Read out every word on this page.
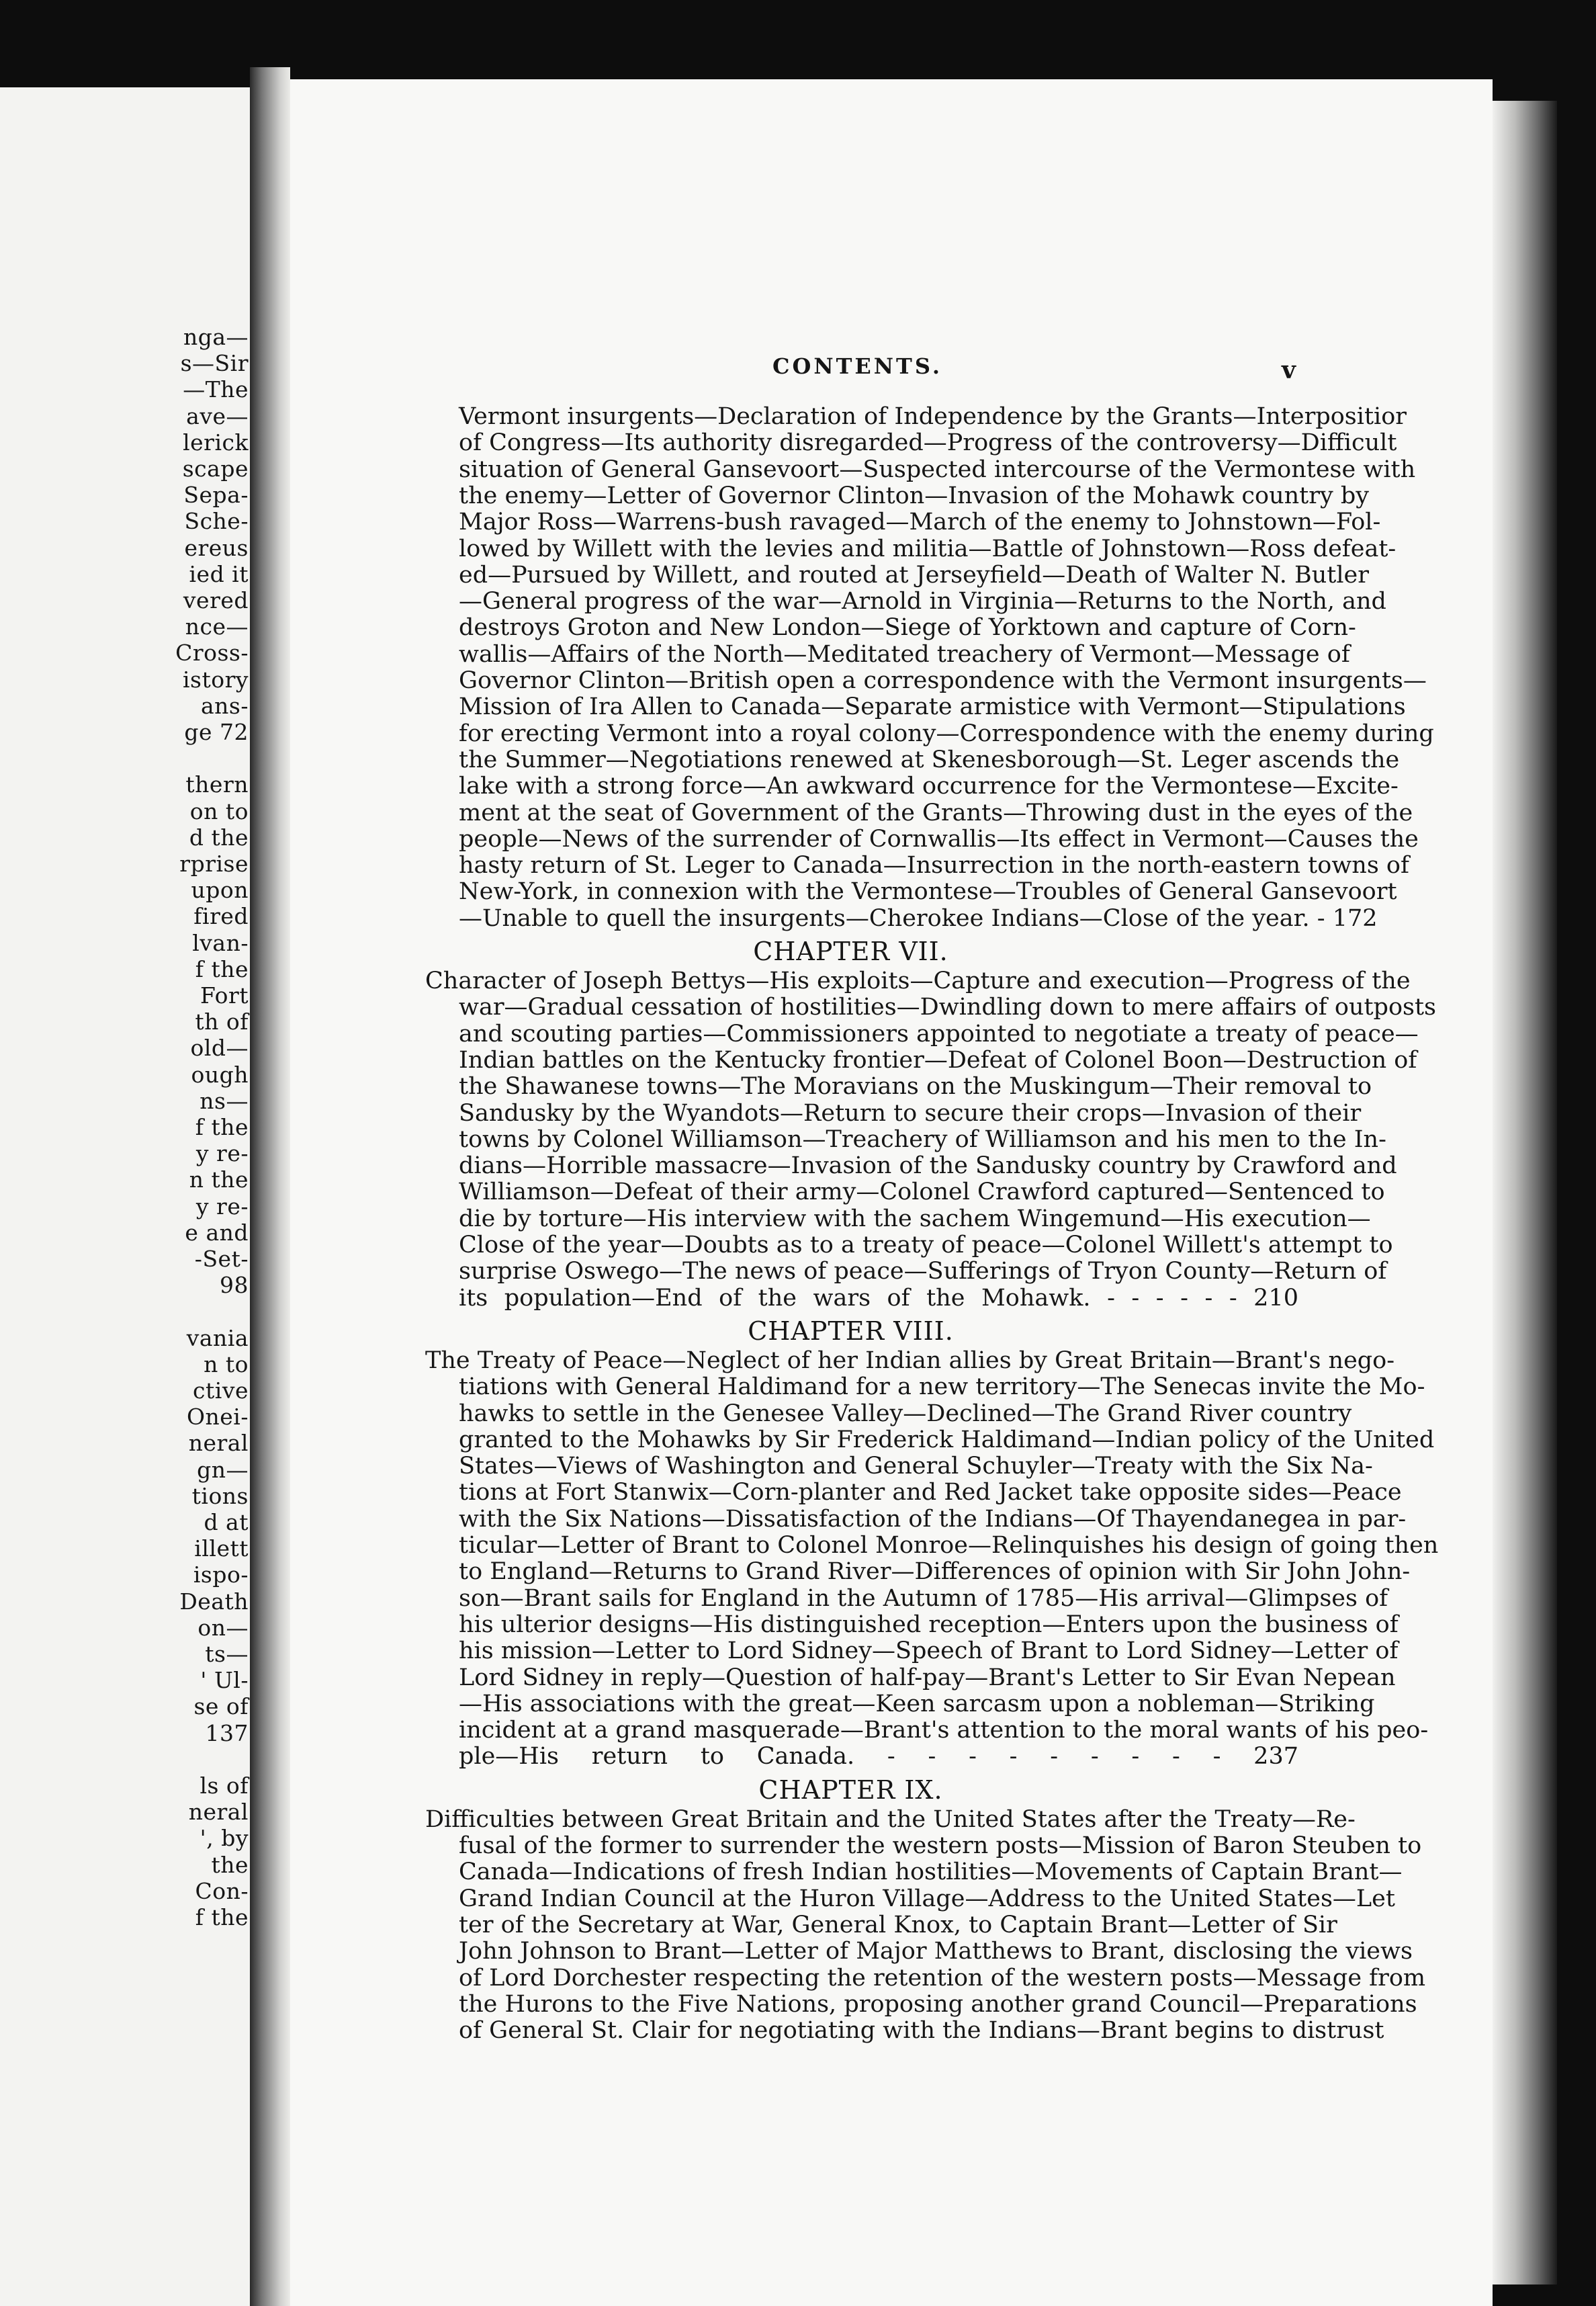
nga—
s—Sir
—The
ave—
lerick
scape
Sepa-
Sche-
ereus
ied it
vered
nce—
Cross-
istory
ans-
ge 72
thern
on to
d the
rprise
upon
fired
lvan-
f the
Fort
th of
old—
ough
ns—
f the
y re-
n the
y re-
e and
-Set-
98
vania
n to
ctive
Onei-
neral
gn—
tions
d at
illett
ispo-
Death
on—
ts—
' Ul-
se of
137
ls of
neral
', by
the
Con-
f the
CONTENTS.	v
Vermont insurgents—Declaration of Independence by the Grants—Interpositior
of Congress—Its authority disregarded—Progress of the controversy—Difficult
situation of General Gansevoort—Suspected intercourse of the Vermontese with
the enemy—Letter of Governor Clinton—Invasion of the Mohawk country by
Major Ross—Warrens-bush ravaged—March of the enemy to Johnstown—Fol-
lowed by Willett with the levies and militia—Battle of Johnstown—Ross defeat-
ed—Pursued by Willett, and routed at Jerseyfield—Death of Walter N. Butler
—General progress of the war—Arnold in Virginia—Returns to the North, and
destroys Groton and New London—Siege of Yorktown and capture of Corn-
wallis—Affairs of the North—Meditated treachery of Vermont—Message of
Governor Clinton—British open a correspondence with the Vermont insurgents—
Mission of Ira Allen to Canada—Separate armistice with Vermont—Stipulations
for erecting Vermont into a royal colony—Correspondence with the enemy during
the Summer—Negotiations renewed at Skenesborough—St. Leger ascends the
lake with a strong force—An awkward occurrence for the Vermontese—Excite-
ment at the seat of Government of the Grants—Throwing dust in the eyes of the
people—News of the surrender of Cornwallis—Its effect in Vermont—Causes the
hasty return of St. Leger to Canada—Insurrection in the north-eastern towns of
New-York, in connexion with the Vermontese—Troubles of General Gansevoort
—Unable to quell the insurgents—Cherokee Indians—Close of the year. - 172
CHAPTER VII.
Character of Joseph Bettys—His exploits—Capture and execution—Progress of the
war—Gradual cessation of hostilities—Dwindling down to mere affairs of outposts
and scouting parties—Commissioners appointed to negotiate a treaty of peace—
Indian battles on the Kentucky frontier—Defeat of Colonel Boon—Destruction of
the Shawanese towns—The Moravians on the Muskingum—Their removal to
Sandusky by the Wyandots—Return to secure their crops—Invasion of their
towns by Colonel Williamson—Treachery of Williamson and his men to the In-
dians—Horrible massacre—Invasion of the Sandusky country by Crawford and
Williamson—Defeat of their army—Colonel Crawford captured—Sentenced to
die by torture—His interview with the sachem Wingemund—His execution—
Close of the year—Doubts as to a treaty of peace—Colonel Willett's attempt to
surprise Oswego—The news of peace—Sufferings of Tryon County—Return of
its population—End of the wars of the Mohawk. - - - - - - 210
CHAPTER VIII.
The Treaty of Peace—Neglect of her Indian allies by Great Britain—Brant's nego-
tiations with General Haldimand for a new territory—The Senecas invite the Mo-
hawks to settle in the Genesee Valley—Declined—The Grand River country
granted to the Mohawks by Sir Frederick Haldimand—Indian policy of the United
States—Views of Washington and General Schuyler—Treaty with the Six Na-
tions at Fort Stanwix—Corn-planter and Red Jacket take opposite sides—Peace
with the Six Nations—Dissatisfaction of the Indians—Of Thayendanegea in par-
ticular—Letter of Brant to Colonel Monroe—Relinquishes his design of going then
to England—Returns to Grand River—Differences of opinion with Sir John John-
son—Brant sails for England in the Autumn of 1785—His arrival—Glimpses of
his ulterior designs—His distinguished reception—Enters upon the business of
his mission—Letter to Lord Sidney—Speech of Brant to Lord Sidney—Letter of
Lord Sidney in reply—Question of half-pay—Brant's Letter to Sir Evan Nepean
—His associations with the great—Keen sarcasm upon a nobleman—Striking
incident at a grand masquerade—Brant's attention to the moral wants of his peo-
ple—His return to Canada. - - - - - - - - - 237
CHAPTER IX.
Difficulties between Great Britain and the United States after the Treaty—Re-
fusal of the former to surrender the western posts—Mission of Baron Steuben to
Canada—Indications of fresh Indian hostilities—Movements of Captain Brant—
Grand Indian Council at the Huron Village—Address to the United States—Let
ter of the Secretary at War, General Knox, to Captain Brant—Letter of Sir
John Johnson to Brant—Letter of Major Matthews to Brant, disclosing the views
of Lord Dorchester respecting the retention of the western posts—Message from
the Hurons to the Five Nations, proposing another grand Council—Preparations
of General St. Clair for negotiating with the Indians—Brant begins to distrust
